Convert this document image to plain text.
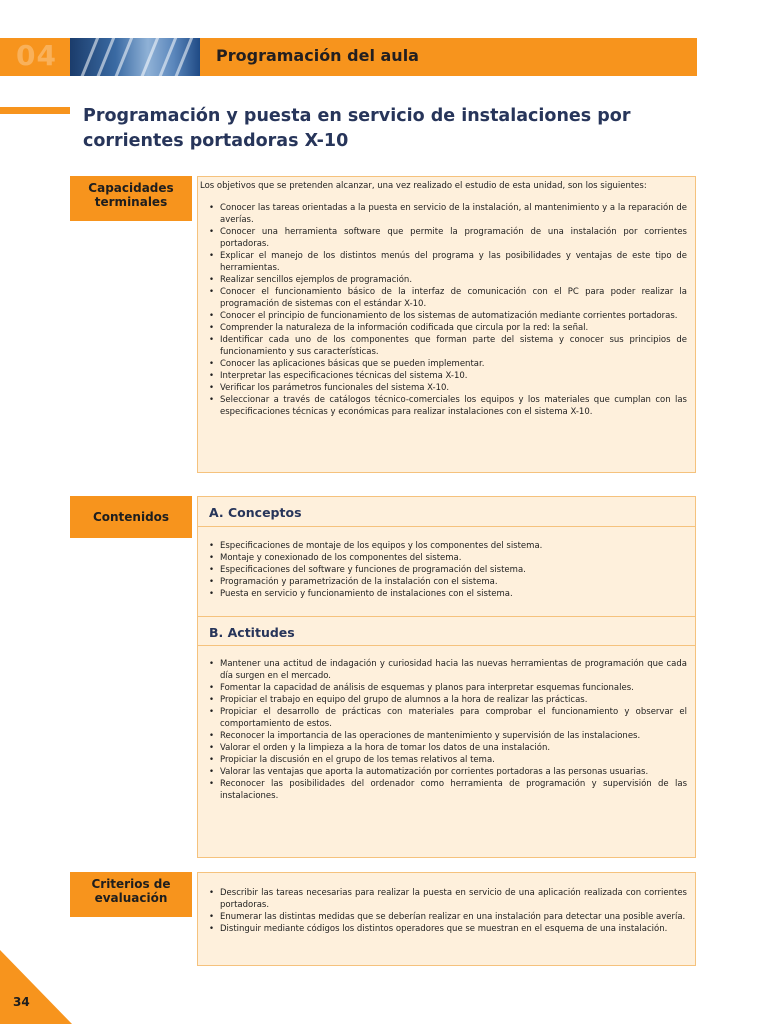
04	Programación del aula
Programación y puesta en servicio de instalaciones por corrientes portadoras X-10
Capacidades terminales

Los objetivos que se pretenden alcanzar, una vez realizado el estudio de esta unidad, son los siguientes:

• Conocer las tareas orientadas a la puesta en servicio de la instalación, al mantenimiento y a la reparación de averías.
• Conocer una herramienta software que permite la programación de una instalación por corrientes portadoras.
• Explicar el manejo de los distintos menús del programa y las posibilidades y ventajas de este tipo de herramientas.
• Realizar sencillos ejemplos de programación.
• Conocer el funcionamiento básico de la interfaz de comunicación con el PC para poder realizar la programación de sistemas con el estándar X-10.
• Conocer el principio de funcionamiento de los sistemas de automatización mediante corrientes portadoras.
• Comprender la naturaleza de la información codificada que circula por la red: la señal.
• Identificar cada uno de los componentes que forman parte del sistema y conocer sus principios de funcionamiento y sus características.
• Conocer las aplicaciones básicas que se pueden implementar.
• Interpretar las especificaciones técnicas del sistema X-10.
• Verificar los parámetros funcionales del sistema X-10.
• Seleccionar a través de catálogos técnico-comerciales los equipos y los materiales que cumplan con las especificaciones técnicas y económicas para realizar instalaciones con el sistema X-10.
Contenidos	A. Conceptos
• Especificaciones de montaje de los equipos y los componentes del sistema.
• Montaje y conexionado de los componentes del sistema.
• Especificaciones del software y funciones de programación del sistema.
• Programación y parametrización de la instalación con el sistema.
• Puesta en servicio y funcionamiento de instalaciones con el sistema.
B. Actitudes
• Mantener una actitud de indagación y curiosidad hacia las nuevas herramientas de programación que cada día surgen en el mercado.
• Fomentar la capacidad de análisis de esquemas y planos para interpretar esquemas funcionales.
• Propiciar el trabajo en equipo del grupo de alumnos a la hora de realizar las prácticas.
• Propiciar el desarrollo de prácticas con materiales para comprobar el funcionamiento y observar el comportamiento de estos.
• Reconocer la importancia de las operaciones de mantenimiento y supervisión de las instalaciones.
• Valorar el orden y la limpieza a la hora de tomar los datos de una instalación.
• Propiciar la discusión en el grupo de los temas relativos al tema.
• Valorar las ventajas que aporta la automatización por corrientes portadoras a las personas usuarias.
• Reconocer las posibilidades del ordenador como herramienta de programación y supervisión de las instalaciones.
Criterios de evaluación
•	Describir las tareas necesarias para realizar la puesta en servicio de una aplicación realizada con corrientes portadoras.
• Enumerar las distintas medidas que se deberían realizar en una instalación para detectar una posible avería.
• Distinguir mediante códigos los distintos operadores que se muestran en el esquema de una instalación.
34
